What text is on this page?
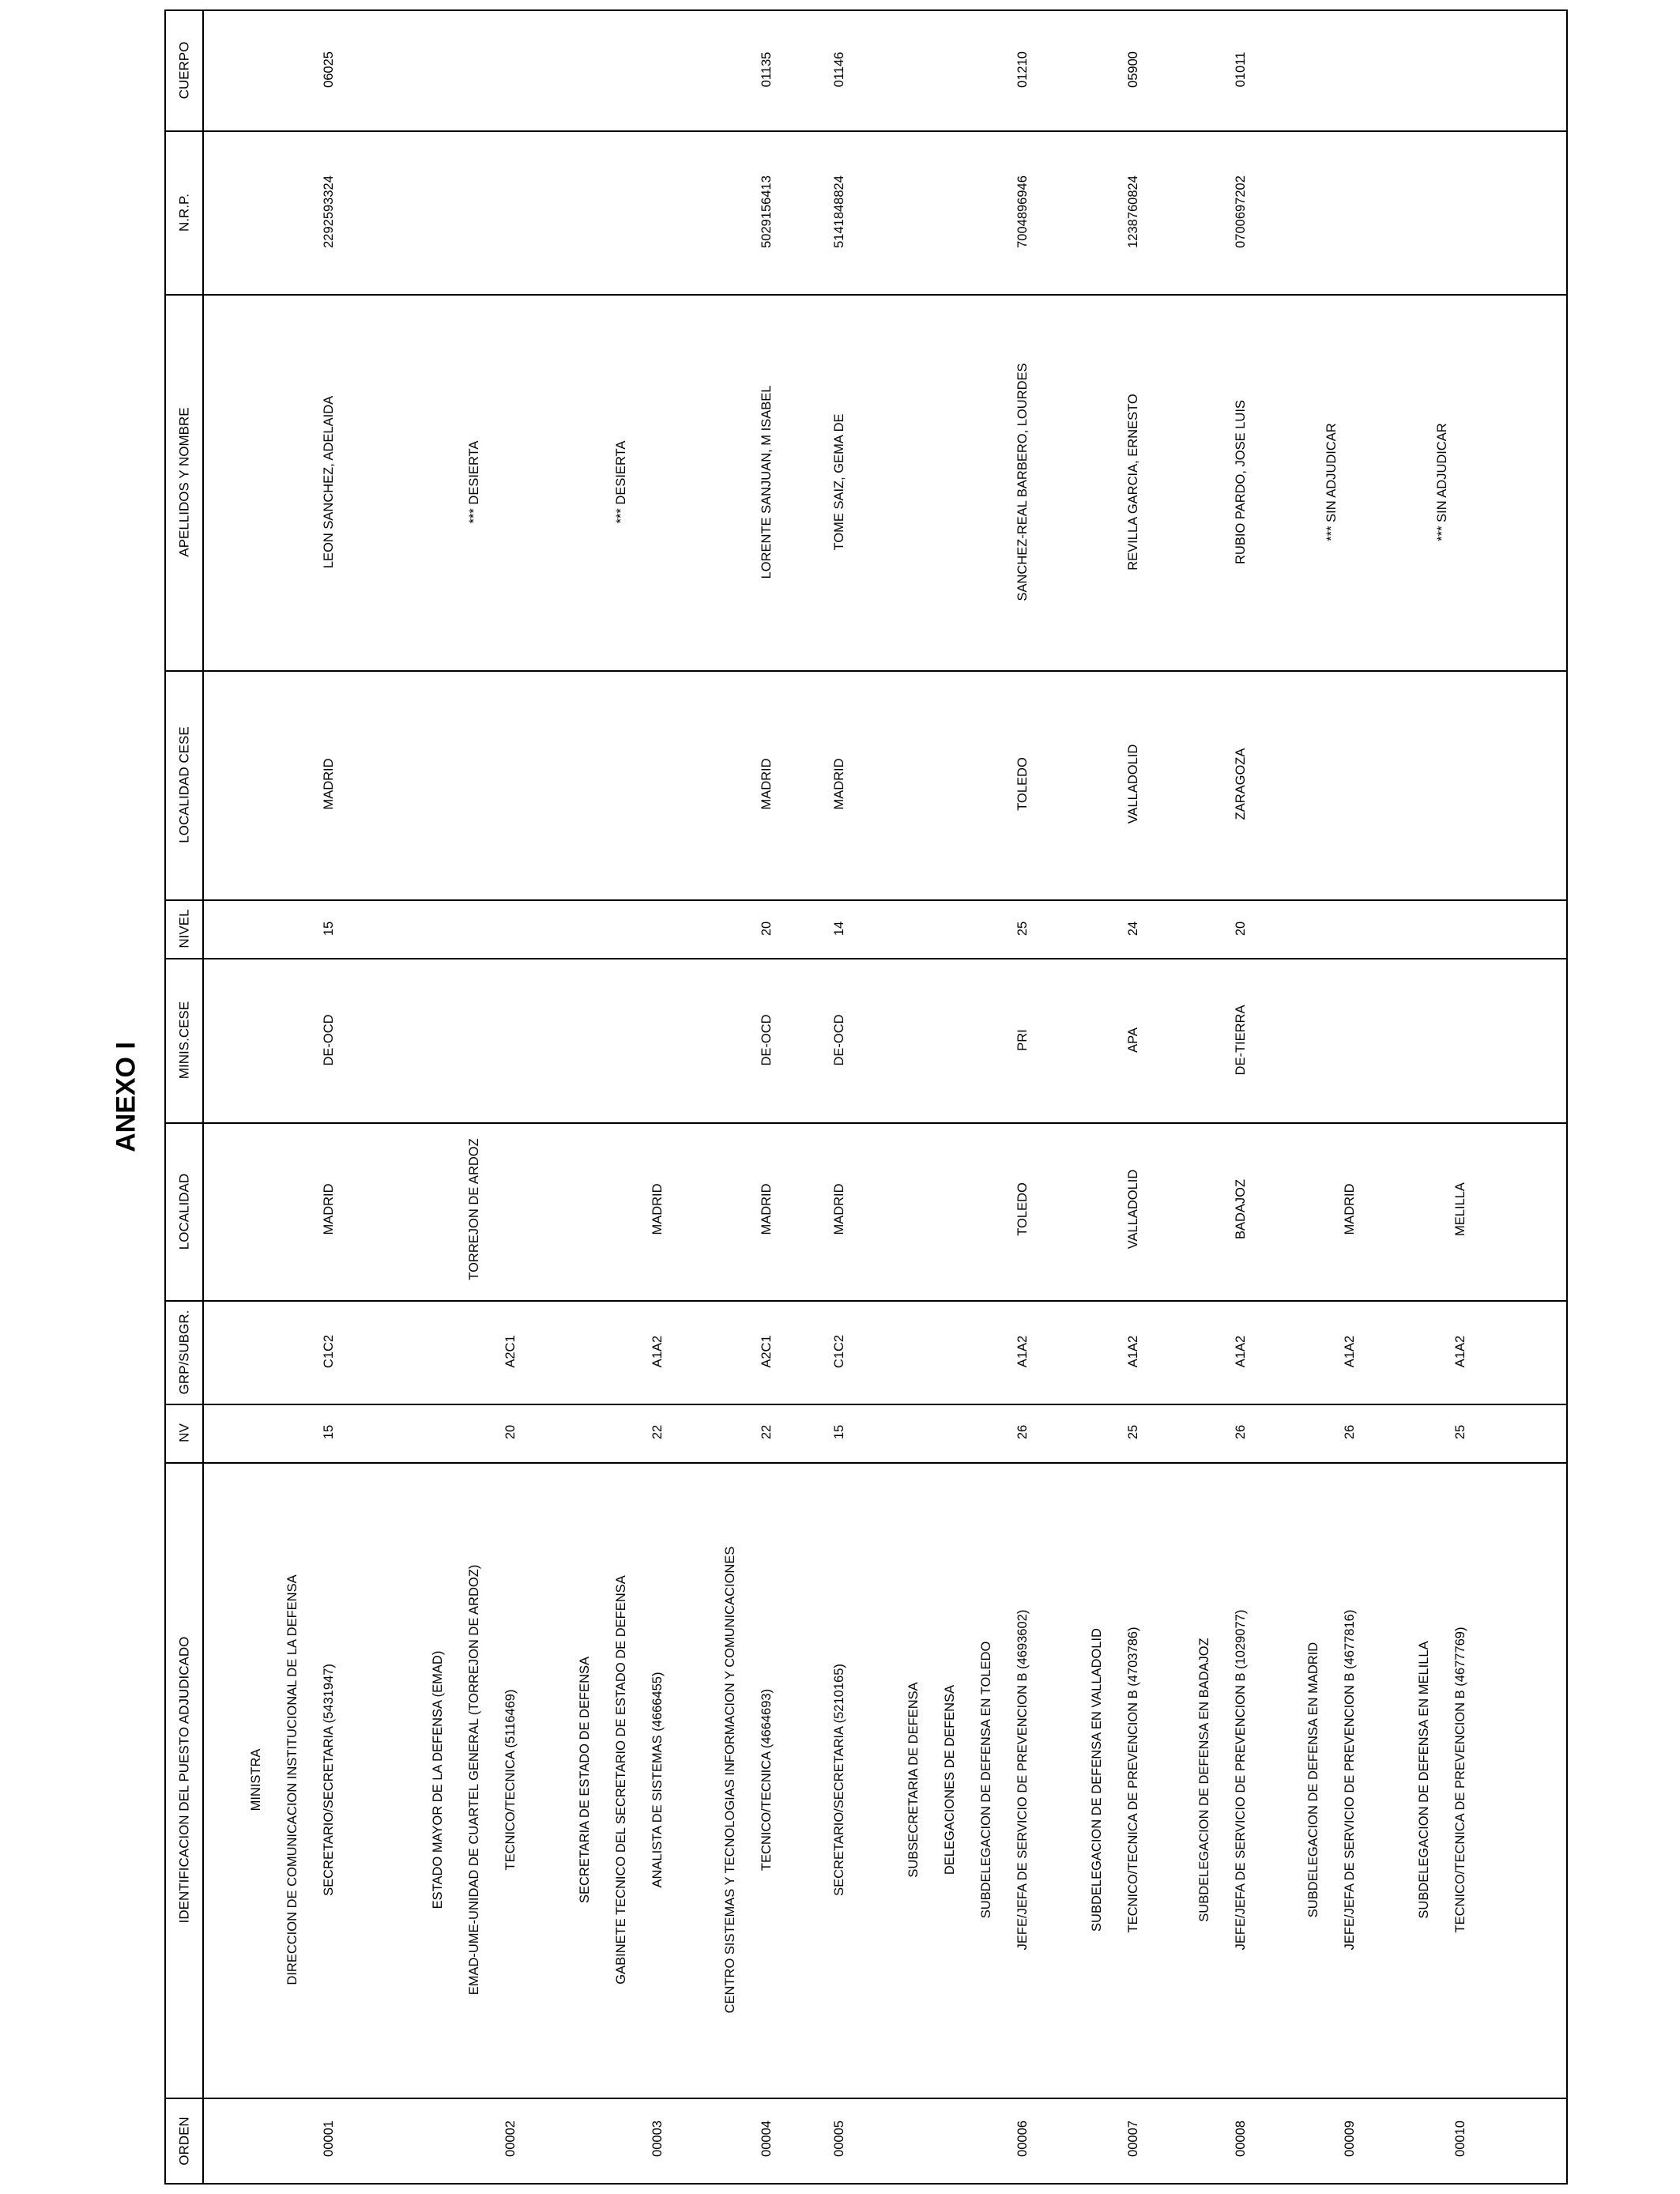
ANEXO I
ORDEN
IDENTIFICACION DEL PUESTO ADJUDICADO
NV
GRP/SUBGR.
LOCALIDAD
MINIS.CESE
NIVEL
LOCALIDAD CESE
APELLIDOS Y NOMBRE
N.R.P.
CUERPO
MINISTRA DIRECCION DE COMUNICACION INSTITUCIONAL DE LA DEFENSA SECRETARIO/SECRETARIA (5431947)
00001
15
C1C2
MADRID
DE-OCD
15
MADRID
LEON SANCHEZ, ADELAIDA
2292593324
06025
ESTADO MAYOR DE LA DEFENSA (EMAD) EMAD-UME-UNIDAD DE CUARTEL GENERAL (TORREJON DE ARDOZ) TECNICO/TECNICA (5116469)
00002
20
A2C1
TORREJON DE ARDOZ
*** DESIERTA
SECRETARIA DE ESTADO DE DEFENSA GABINETE TECNICO DEL SECRETARIO DE ESTADO DE DEFENSA ANALISTA DE SISTEMAS (4666455)
00003
22
A1A2
MADRID
*** DESIERTA
CENTRO SISTEMAS Y TECNOLOGIAS INFORMACION Y COMUNICACIONES TECNICO/TECNICA (4664693)
00004
22
A2C1
MADRID
DE-OCD
20
MADRID
LORENTE SANJUAN, M ISABEL
5029156413
01135
SECRETARIO/SECRETARIA (5210165)
00005
15
C1C2
MADRID
DE-OCD
14
MADRID
TOME SAIZ, GEMA DE
5141848824
01146
SUBSECRETARIA DE DEFENSA DELEGACIONES DE DEFENSA SUBDELEGACION DE DEFENSA EN TOLEDO JEFE/JEFA DE SERVICIO DE PREVENCION B (4693602)
00006
26
A1A2
TOLEDO
PRI
25
TOLEDO
SANCHEZ-REAL BARBERO, LOURDES
7004896946
01210
SUBDELEGACION DE DEFENSA EN VALLADOLID TECNICO/TECNICA DE PREVENCION B (4703786)
00007
25
A1A2
VALLADOLID
APA
24
VALLADOLID
REVILLA GARCIA, ERNESTO
1238760824
05900
SUBDELEGACION DE DEFENSA EN BADAJOZ JEFE/JEFA DE SERVICIO DE PREVENCION B (1029077)
00008
26
A1A2
BADAJOZ
DE-TIERRA
20
ZARAGOZA
RUBIO PARDO, JOSE LUIS
0700697202
01011
SUBDELEGACION DE DEFENSA EN MADRID JEFE/JEFA DE SERVICIO DE PREVENCION B (4677816)
00009
26
A1A2
MADRID
*** SIN ADJUDICAR
SUBDELEGACION DE DEFENSA EN MELILLA TECNICO/TECNICA DE PREVENCION B (4677769)
00010
25
A1A2
MELILLA
*** SIN ADJUDICAR
